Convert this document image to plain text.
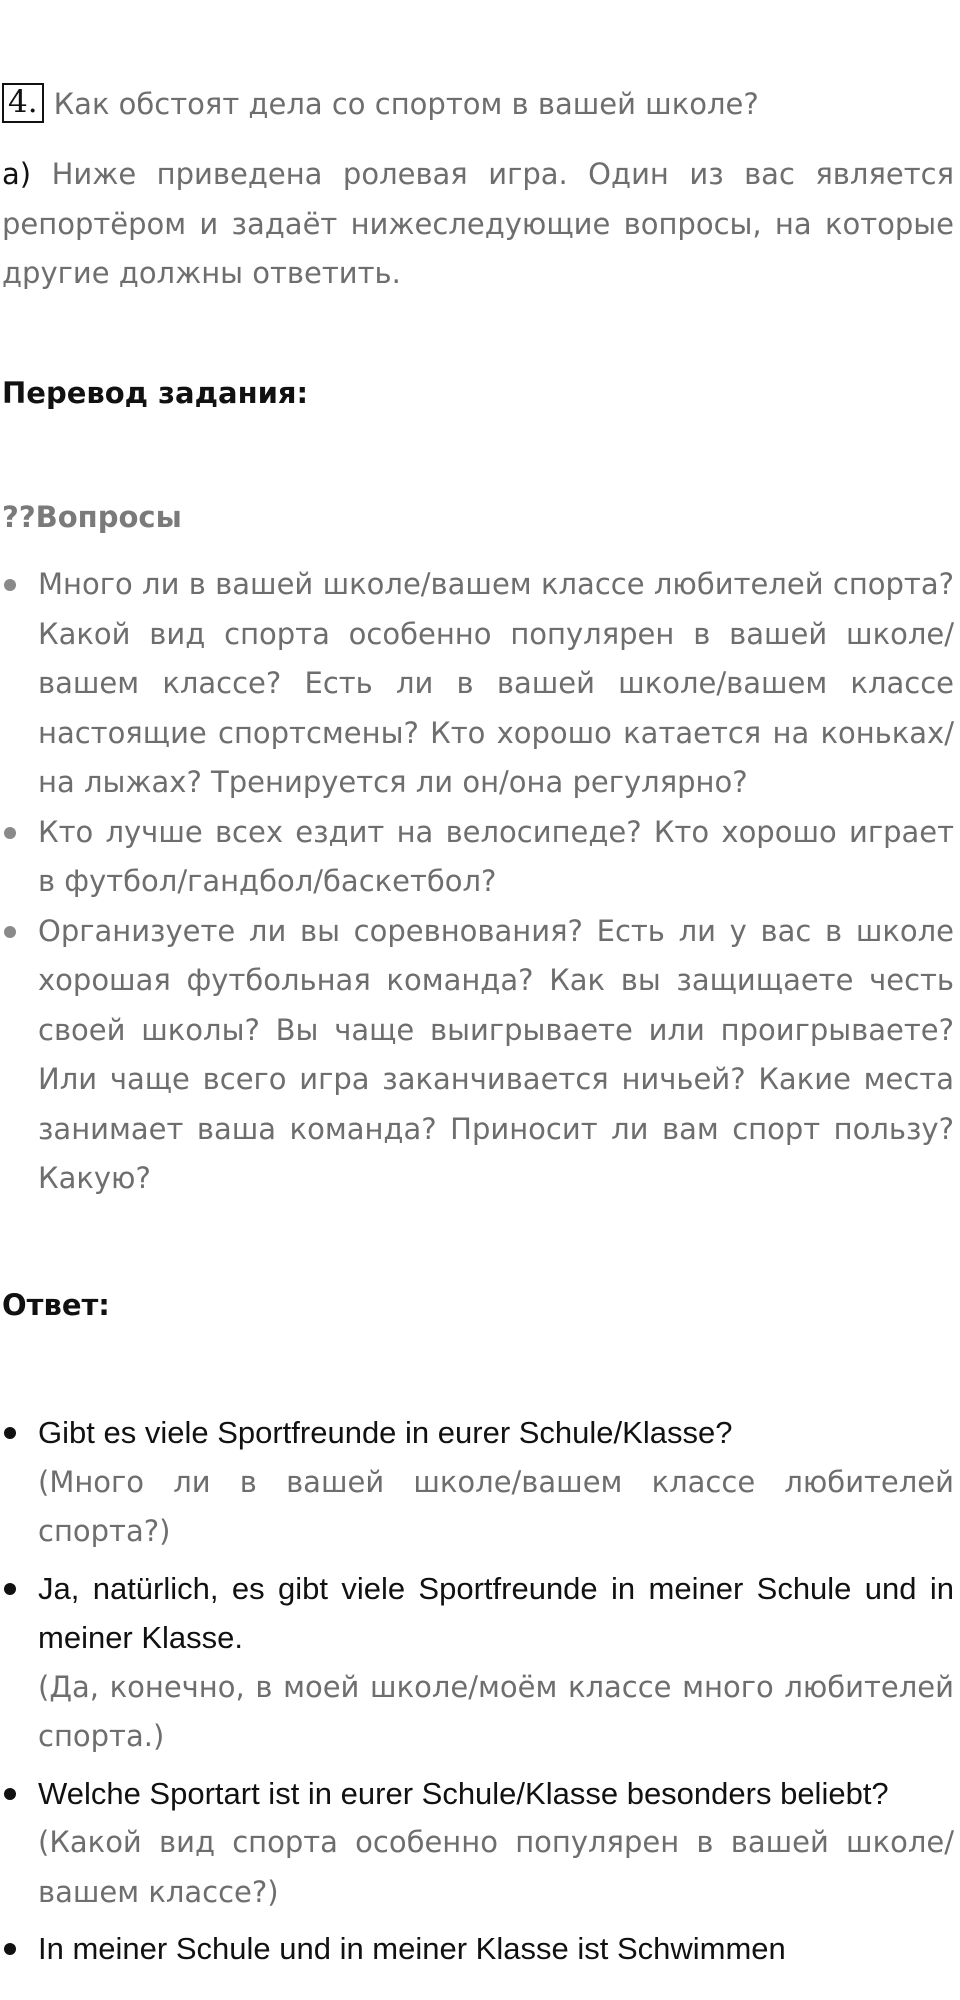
4. Как обстоят дела со спортом в вашей школе?

а) Ниже приведена ролевая игра. Один из вас является репортёром и задаёт нижеследующие вопросы, на которые другие должны ответить.

Перевод задания:

??Вопросы

Много ли в вашей школе/вашем классе любителей спорта? Какой вид спорта особенно популярен в вашей школе/вашем классе? Есть ли в вашей школе/вашем классе настоящие спортсмены? Кто хорошо катается на коньках/на лыжах? Тренируется ли он/она регулярно?

Кто лучше всех ездит на велосипеде? Кто хорошо играет в футбол/гандбол/баскетбол?

Организуете ли вы соревнования? Есть ли у вас в школе хорошая футбольная команда? Как вы защищаете честь своей школы? Вы чаще выигрываете или проигрываете? Или чаще всего игра заканчивается ничьей? Какие места занимает ваша команда? Приносит ли вам спорт пользу? Какую?

Ответ:

Gibt es viele Sportfreunde in eurer Schule/Klasse?

(Много ли в вашей школе/вашем классе любителей спорта?)

Ja, natürlich, es gibt viele Sportfreunde in meiner Schule und in meiner Klasse.

(Да, конечно, в моей школе/моём классе много любителей спорта.)

Welche Sportart ist in eurer Schule/Klasse besonders beliebt?

(Какой вид спорта особенно популярен в вашей школе/вашем классе?)

In meiner Schule und in meiner Klasse ist Schwimmen
